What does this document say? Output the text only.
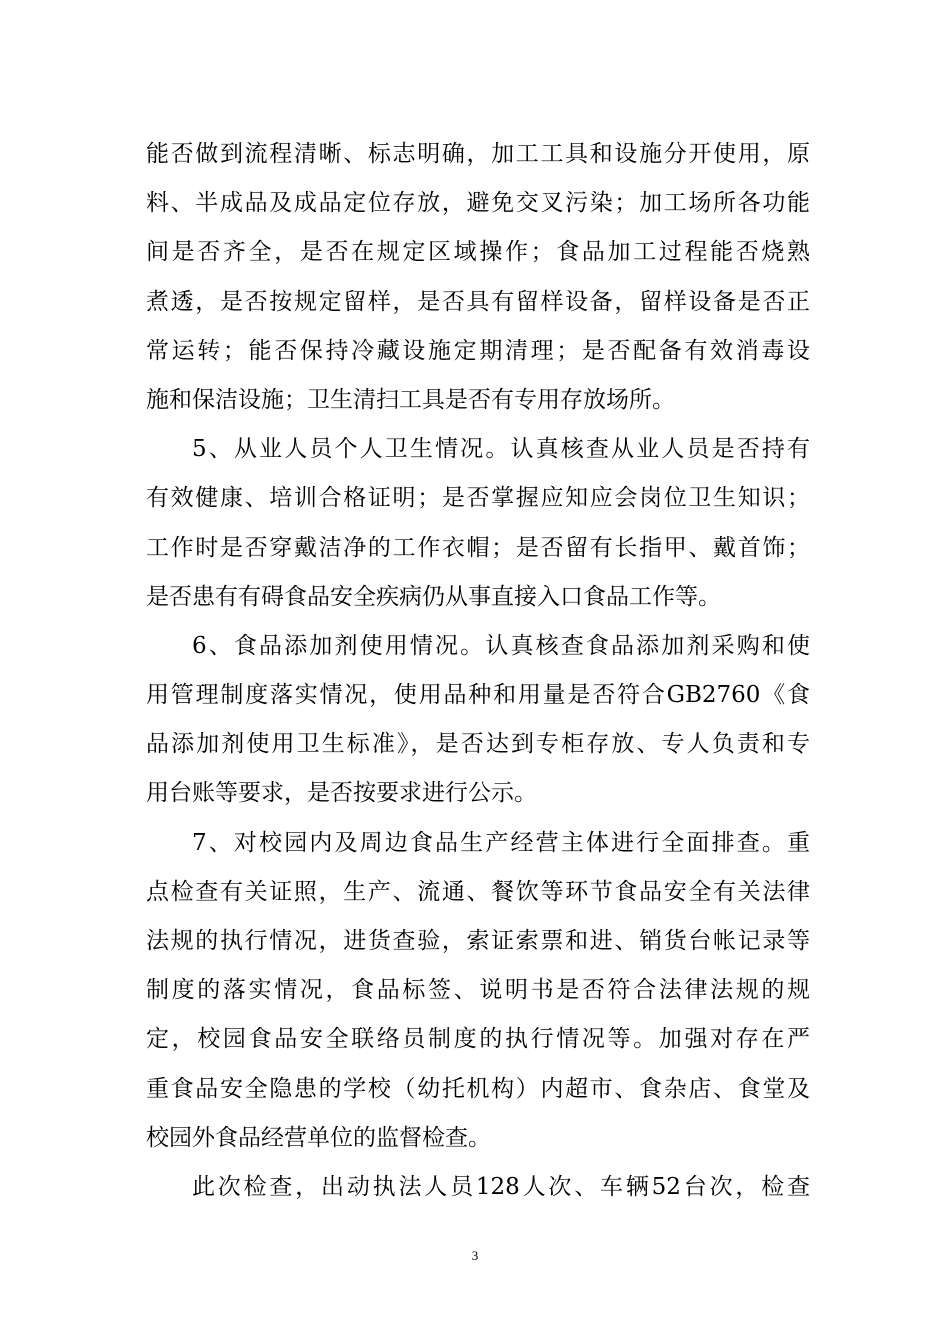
能否做到流程清晰、标志明确，加工工具和设施分开使用，原
料、半成品及成品定位存放，避免交叉污染；加工场所各功能
间是否齐全，是否在规定区域操作；食品加工过程能否烧熟
煮透，是否按规定留样，是否具有留样设备，留样设备是否正
常运转；能否保持冷藏设施定期清理；是否配备有效消毒设
施和保洁设施；卫生清扫工具是否有专用存放场所。
5、从业人员个人卫生情况。认真核查从业人员是否持有
有效健康、培训合格证明；是否掌握应知应会岗位卫生知识；
工作时是否穿戴洁净的工作衣帽；是否留有长指甲、戴首饰；
是否患有有碍食品安全疾病仍从事直接入口食品工作等。
6、食品添加剂使用情况。认真核查食品添加剂采购和使
用管理制度落实情况，使用品种和用量是否符合GB2760《食
品添加剂使用卫生标准》，是否达到专柜存放、专人负责和专
用台账等要求，是否按要求进行公示。
7、对校园内及周边食品生产经营主体进行全面排查。重
点检查有关证照，生产、流通、餐饮等环节食品安全有关法律
法规的执行情况，进货查验，索证索票和进、销货台帐记录等
制度的落实情况，食品标签、说明书是否符合法律法规的规
定，校园食品安全联络员制度的执行情况等。加强对存在严
重食品安全隐患的学校（幼托机构）内超市、食杂店、食堂及
校园外食品经营单位的监督检查。
此次检查，出动执法人员128人次、车辆52台次，检查
3
